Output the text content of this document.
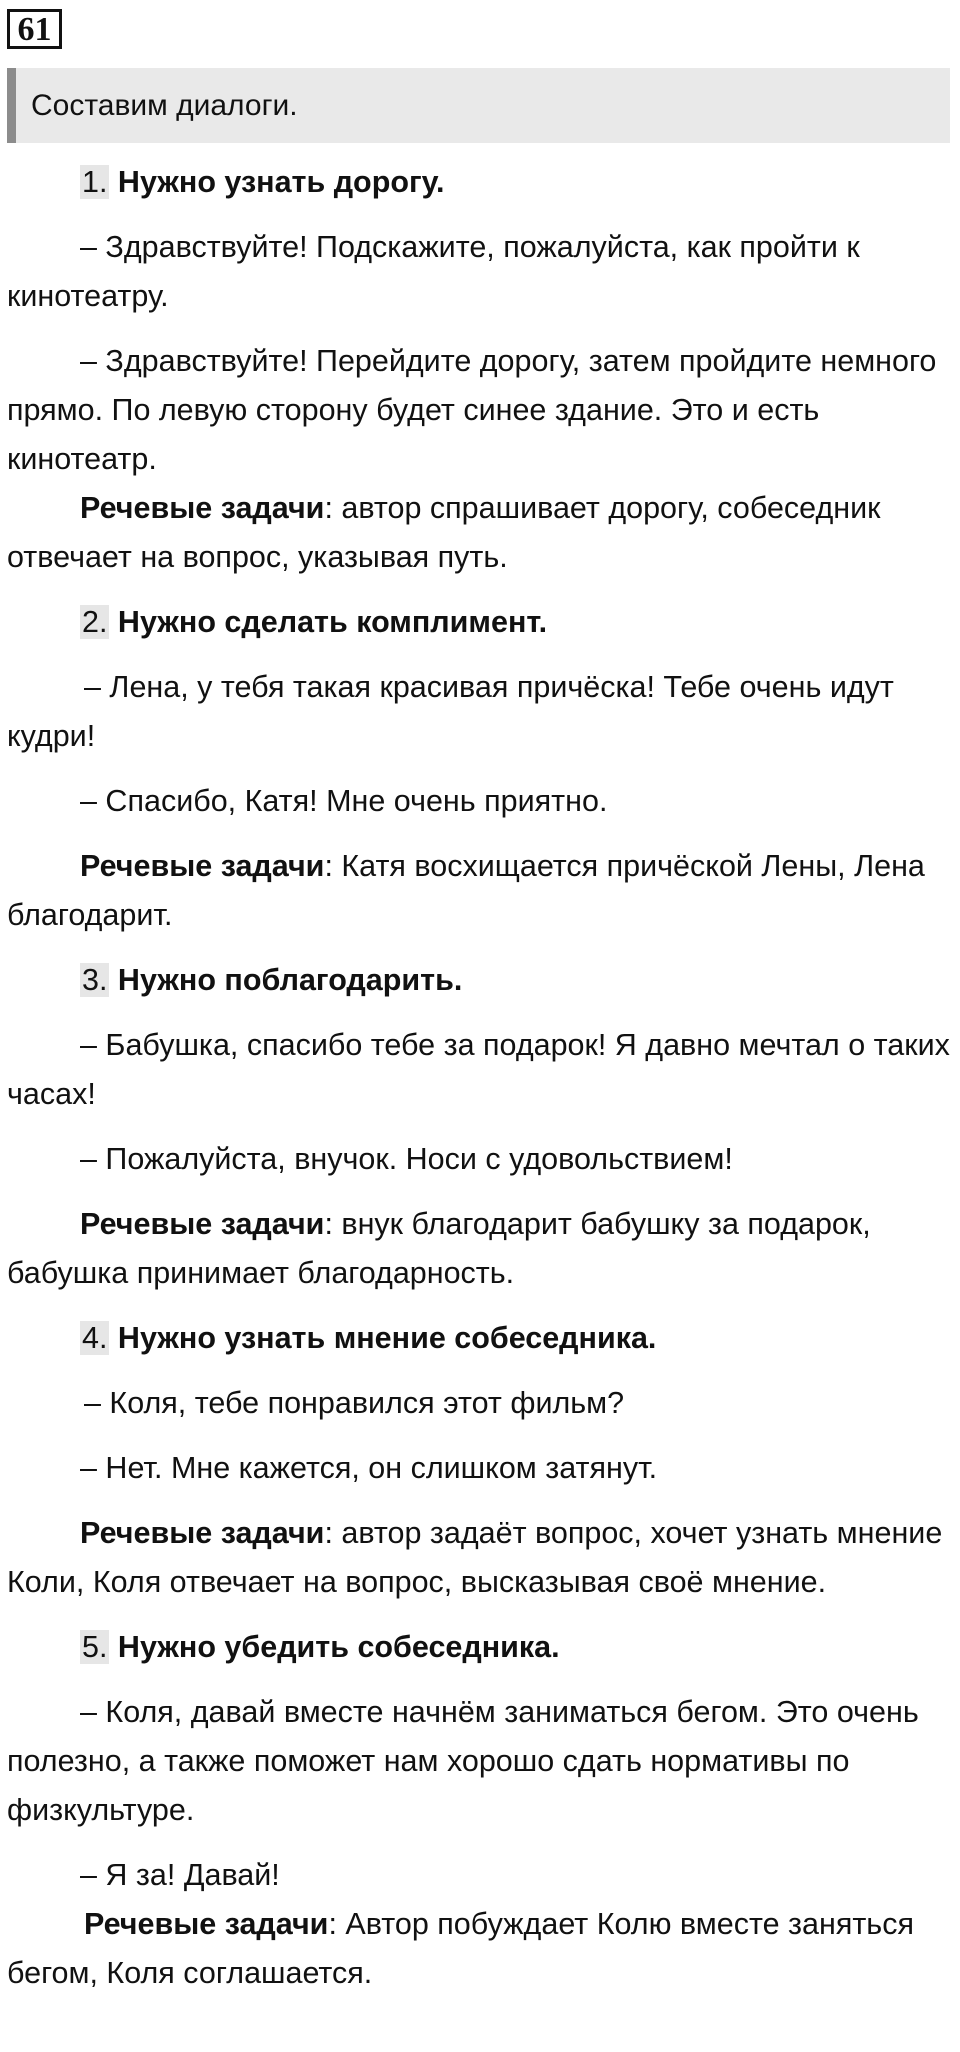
61
Составим диалоги.

1. Нужно узнать дорогу.

– Здравствуйте! Подскажите, пожалуйста, как пройти к кинотеатру.

– Здравствуйте! Перейдите дорогу, затем пройдите немного прямо. По левую сторону будет синее здание. Это и есть кинотеатр.

Речевые задачи: автор спрашивает дорогу, собеседник отвечает на вопрос, указывая путь.

2. Нужно сделать комплимент.

– Лена, у тебя такая красивая причёска! Тебе очень идут кудри!

– Спасибо, Катя! Мне очень приятно.

Речевые задачи: Катя восхищается причёской Лены, Лена благодарит.

3. Нужно поблагодарить.

– Бабушка, спасибо тебе за подарок! Я давно мечтал о таких часах!

– Пожалуйста, внучок. Носи с удовольствием!

Речевые задачи: внук благодарит бабушку за подарок, бабушка принимает благодарность.

4. Нужно узнать мнение собеседника.

– Коля, тебе понравился этот фильм?

– Нет. Мне кажется, он слишком затянут.

Речевые задачи: автор задаёт вопрос, хочет узнать мнение Коли, Коля отвечает на вопрос, высказывая своё мнение.

5. Нужно убедить собеседника.

– Коля, давай вместе начнём заниматься бегом. Это очень полезно, а также поможет нам хорошо сдать нормативы по физкультуре.

– Я за! Давай!

Речевые задачи: Автор побуждает Колю вместе заняться бегом, Коля соглашается.
